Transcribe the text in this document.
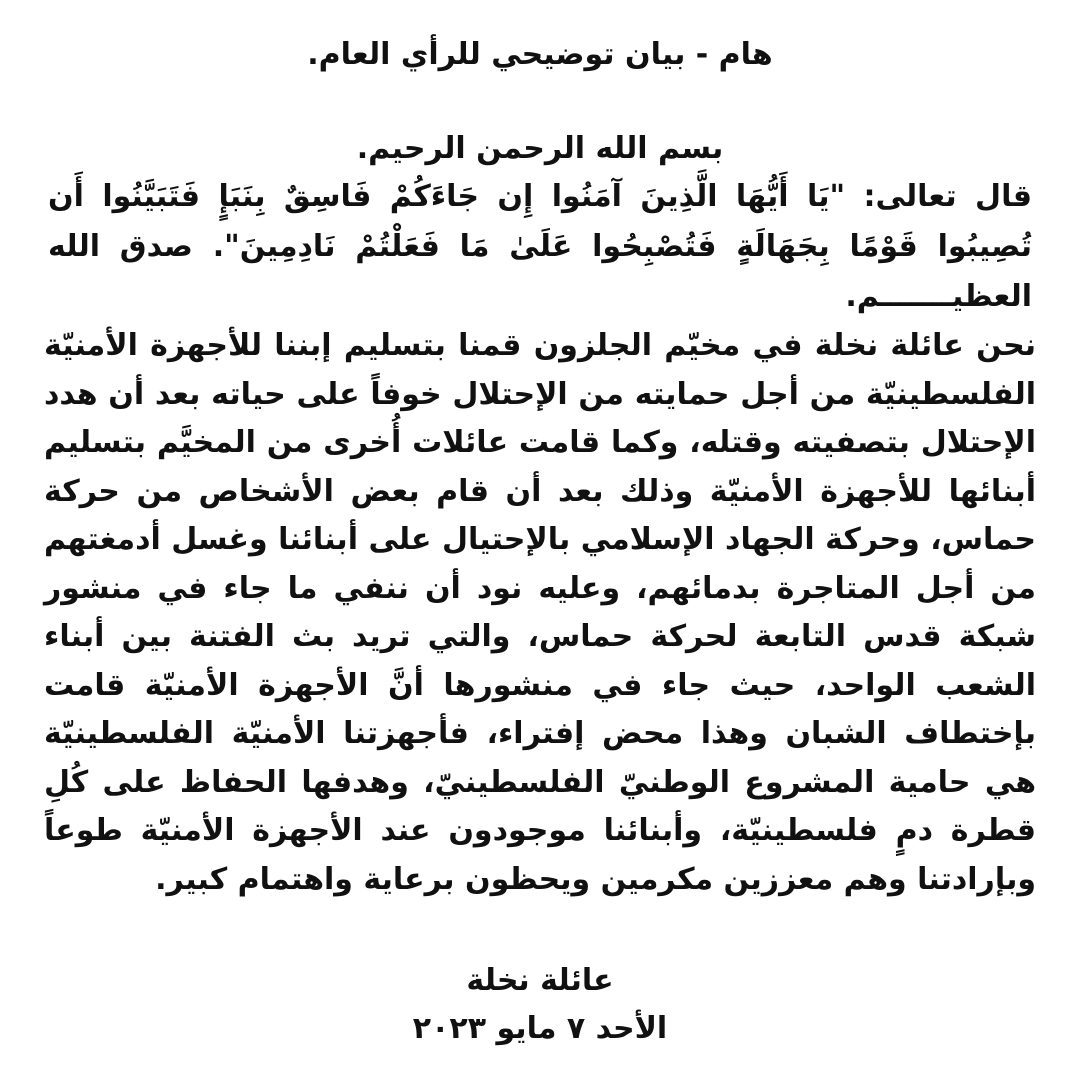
هام - بيان توضيحي للرأي العام.
بسم الله الرحمن الرحيم.
قال تعالى: "يَا أَيُّهَا الَّذِينَ آمَنُوا إِن جَاءَكُمْ فَاسِقٌ بِنَبَإٍ فَتَبَيَّنُوا أَن تُصِيبُوا قَوْمًا بِجَهَالَةٍ فَتُصْبِحُوا عَلَىٰ مَا فَعَلْتُمْ نَادِمِينَ". صدق الله العظيـــــــم.
نحن عائلة نخلة في مخيّم الجلزون قمنا بتسليم إبننا للأجهزة الأمنيّة الفلسطينيّة من أجل حمايته من الإحتلال خوفاً على حياته بعد أن هدد الإحتلال بتصفيته وقتله، وكما قامت عائلات أُخرى من المخيَّم بتسليم أبنائها للأجهزة الأمنيّة وذلك بعد أن قام بعض الأشخاص من حركة حماس، وحركة الجهاد الإسلامي بالإحتيال على أبنائنا وغسل أدمغتهم من أجل المتاجرة بدمائهم، وعليه نود أن ننفي ما جاء في منشور شبكة قدس التابعة لحركة حماس، والتي تريد بث الفتنة بين أبناء الشعب الواحد، حيث جاء في منشورها أنَّ الأجهزة الأمنيّة قامت بإختطاف الشبان وهذا محض إفتراء، فأجهزتنا الأمنيّة الفلسطينيّة هي حامية المشروع الوطنيّ الفلسطينيّ، وهدفها الحفاظ على كُلِ قطرة دمٍ فلسطينيّة، وأبنائنا موجودون عند الأجهزة الأمنيّة طوعاً وبإرادتنا وهم معززين مكرمين ويحظون برعاية واهتمام كبير.
عائلة نخلة
الأحد ٧ مايو ٢٠٢٣
